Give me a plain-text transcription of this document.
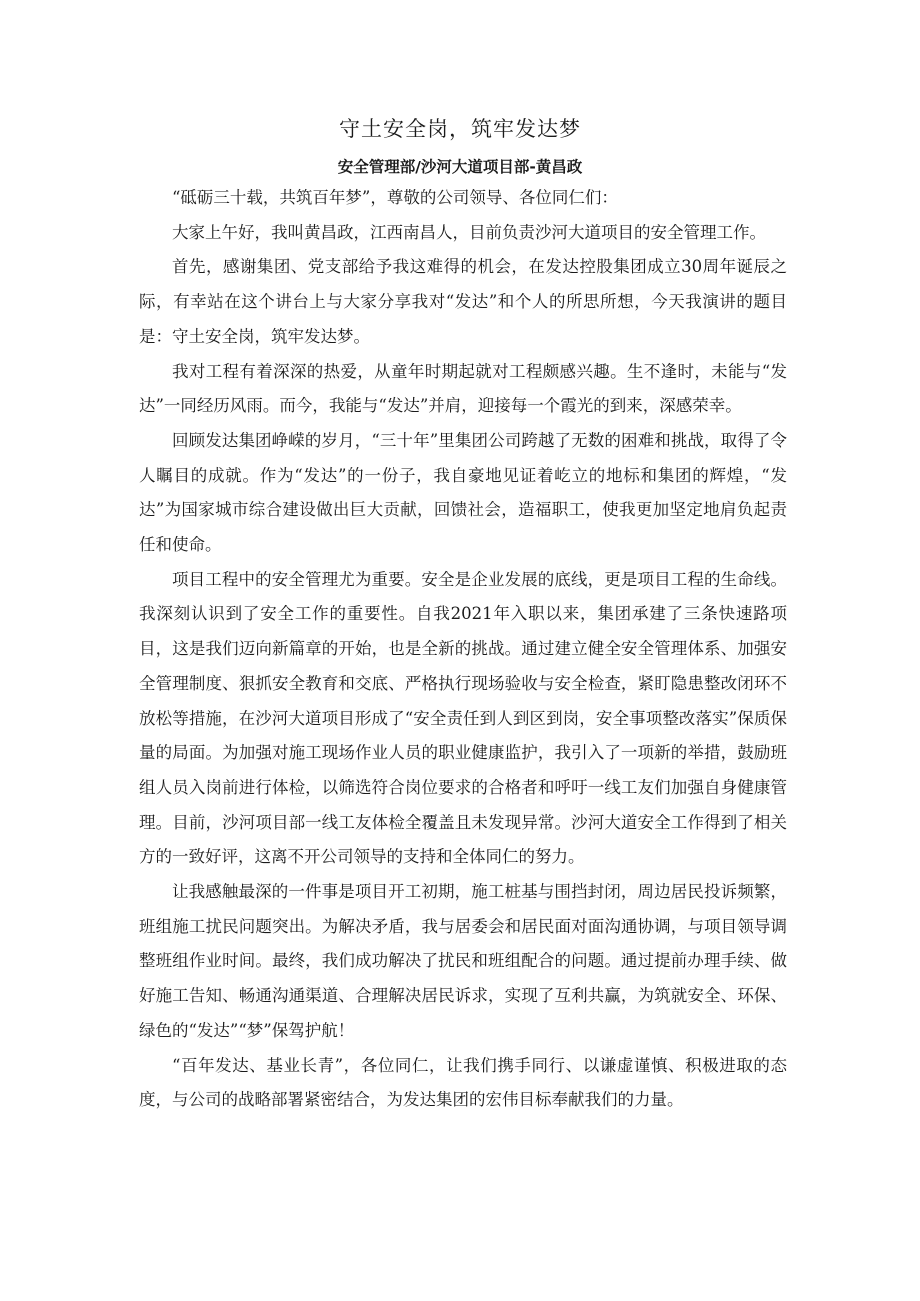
守土安全岗，筑牢发达梦
安全管理部/沙河大道项目部-黄昌政

“砥砺三十载，共筑百年梦”，尊敬的公司领导、各位同仁们：

大家上午好，我叫黄昌政，江西南昌人，目前负责沙河大道项目的安全管理工作。

首先，感谢集团、党支部给予我这难得的机会，在发达控股集团成立30周年诞辰之际，有幸站在这个讲台上与大家分享我对“发达”和个人的所思所想，今天我演讲的题目是：守土安全岗，筑牢发达梦。

我对工程有着深深的热爱，从童年时期起就对工程颇感兴趣。生不逢时，未能与“发达”一同经历风雨。而今，我能与“发达”并肩，迎接每一个霞光的到来，深感荣幸。

回顾发达集团峥嵘的岁月，“三十年”里集团公司跨越了无数的困难和挑战，取得了令人瞩目的成就。作为“发达”的一份子，我自豪地见证着屹立的地标和集团的辉煌，“发达”为国家城市综合建设做出巨大贡献，回馈社会，造福职工，使我更加坚定地肩负起责任和使命。

项目工程中的安全管理尤为重要。安全是企业发展的底线，更是项目工程的生命线。我深刻认识到了安全工作的重要性。自我2021年入职以来，集团承建了三条快速路项目，这是我们迈向新篇章的开始，也是全新的挑战。通过建立健全安全管理体系、加强安全管理制度、狠抓安全教育和交底、严格执行现场验收与安全检查，紧盯隐患整改闭环不放松等措施，在沙河大道项目形成了“安全责任到人到区到岗，安全事项整改落实”保质保量的局面。为加强对施工现场作业人员的职业健康监护，我引入了一项新的举措，鼓励班组人员入岗前进行体检，以筛选符合岗位要求的合格者和呼吁一线工友们加强自身健康管理。目前，沙河项目部一线工友体检全覆盖且未发现异常。沙河大道安全工作得到了相关方的一致好评，这离不开公司领导的支持和全体同仁的努力。

让我感触最深的一件事是项目开工初期，施工桩基与围挡封闭，周边居民投诉频繁，班组施工扰民问题突出。为解决矛盾，我与居委会和居民面对面沟通协调，与项目领导调整班组作业时间。最终，我们成功解决了扰民和班组配合的问题。通过提前办理手续、做好施工告知、畅通沟通渠道、合理解决居民诉求，实现了互利共赢，为筑就安全、环保、绿色的“发达”“梦”保驾护航！

“百年发达、基业长青”，各位同仁，让我们携手同行、以谦虚谨慎、积极进取的态度，与公司的战略部署紧密结合，为发达集团的宏伟目标奉献我们的力量。
